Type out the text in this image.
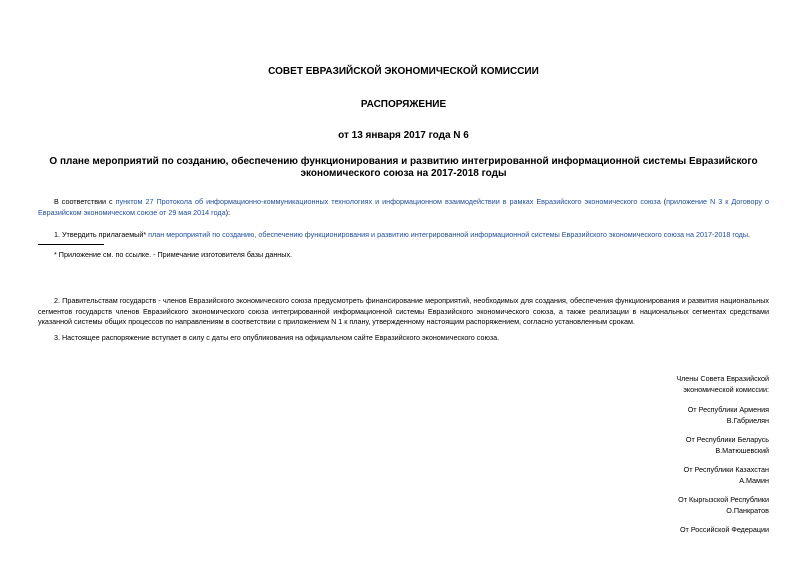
СОВЕТ ЕВРАЗИЙСКОЙ ЭКОНОМИЧЕСКОЙ КОМИССИИ
РАСПОРЯЖЕНИЕ
от 13 января 2017 года N 6
О плане мероприятий по созданию, обеспечению функционирования и развитию интегрированной информационной системы Евразийского экономического союза на 2017-2018 годы
В соответствии с пунктом 27 Протокола об информационно-коммуникационных технологиях и информационном взаимодействии в рамках Евразийского экономического союза (приложение N 3 к Договору о Евразийском экономическом союзе от 29 мая 2014 года):
1. Утвердить прилагаемый* план мероприятий по созданию, обеспечению функционирования и развитию интегрированной информационной системы Евразийского экономического союза на 2017-2018 годы.
* Приложение см. по ссылке. - Примечание изготовителя базы данных.
2. Правительствам государств - членов Евразийского экономического союза предусмотреть финансирование мероприятий, необходимых для создания, обеспечения функционирования и развития национальных сегментов государств членов Евразийского экономического союза интегрированной информационной системы Евразийского экономического союза, а также реализации в национальных сегментах средствами указанной системы общих процессов по направлениям в соответствии с приложением N 1 к плану, утвержденному настоящим распоряжением, согласно установленным срокам.
3. Настоящее распоряжение вступает в силу с даты его опубликования на официальном сайте Евразийского экономического союза.
Члены Совета Евразийской
экономической комиссии:
От Республики Армения
В.Габриелян
От Республики Беларусь
В.Матюшевский
От Республики Казахстан
А.Мамин
От Кыргызской Республики
О.Панкратов
От Российской Федерации
